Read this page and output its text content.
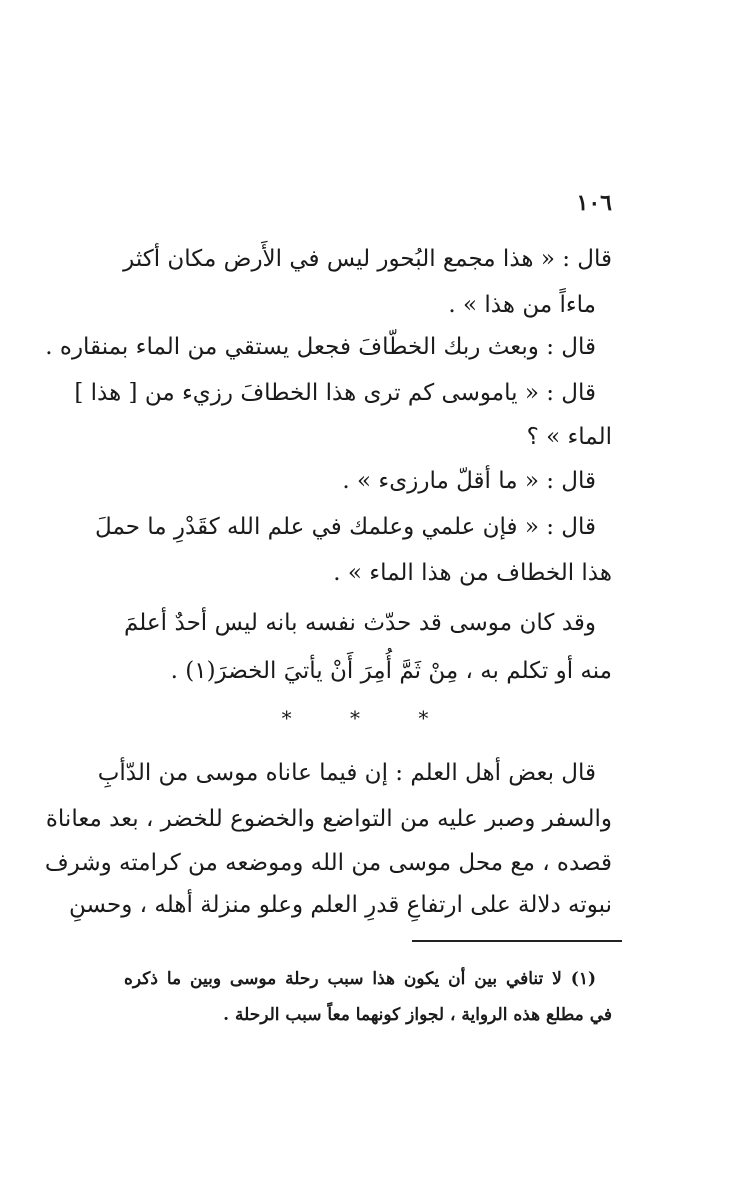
١٠٦
قال : « هذا مجمع البُحور ليس في الأَرض مكان أكثر
ماءاً من هذا » .
قال : وبعث ربك الخطّافَ فجعل يستقي من الماء بمنقاره .
قال : « ياموسى كم ترى هذا الخطافَ رزيء من [ هذا ]
الماء » ؟
قال : « ما أقلّ مارزىء » .
قال : « فإن علمي وعلمك في علم الله كقَدْرِ ما حملَ
هذا الخطاف من هذا الماء » .
وقد كان موسى قد حدّث نفسه بانه ليس أحدٌ أعلمَ
منه أو تكلم به ، مِنْ ثَمَّ أُمِرَ أَنْ يأتيَ الخضرَ(١) .
* * *
قال بعض أهل العلم : إن فيما عاناه موسى من الدّأبِ
والسفر وصبر عليه من التواضع والخضوع للخضر ، بعد معاناة
قصده ، مع محل موسى من الله وموضعه من كرامته وشرف
نبوته دلالة على ارتفاعِ قدرِ العلم وعلو منزلة أهله ، وحسنِ
(١) لا تنافي بين أن يكون هذا سبب رحلة موسى وبين ما ذكره
في مطلع هذه الرواية ، لجواز كونهما معاً سبب الرحلة .
